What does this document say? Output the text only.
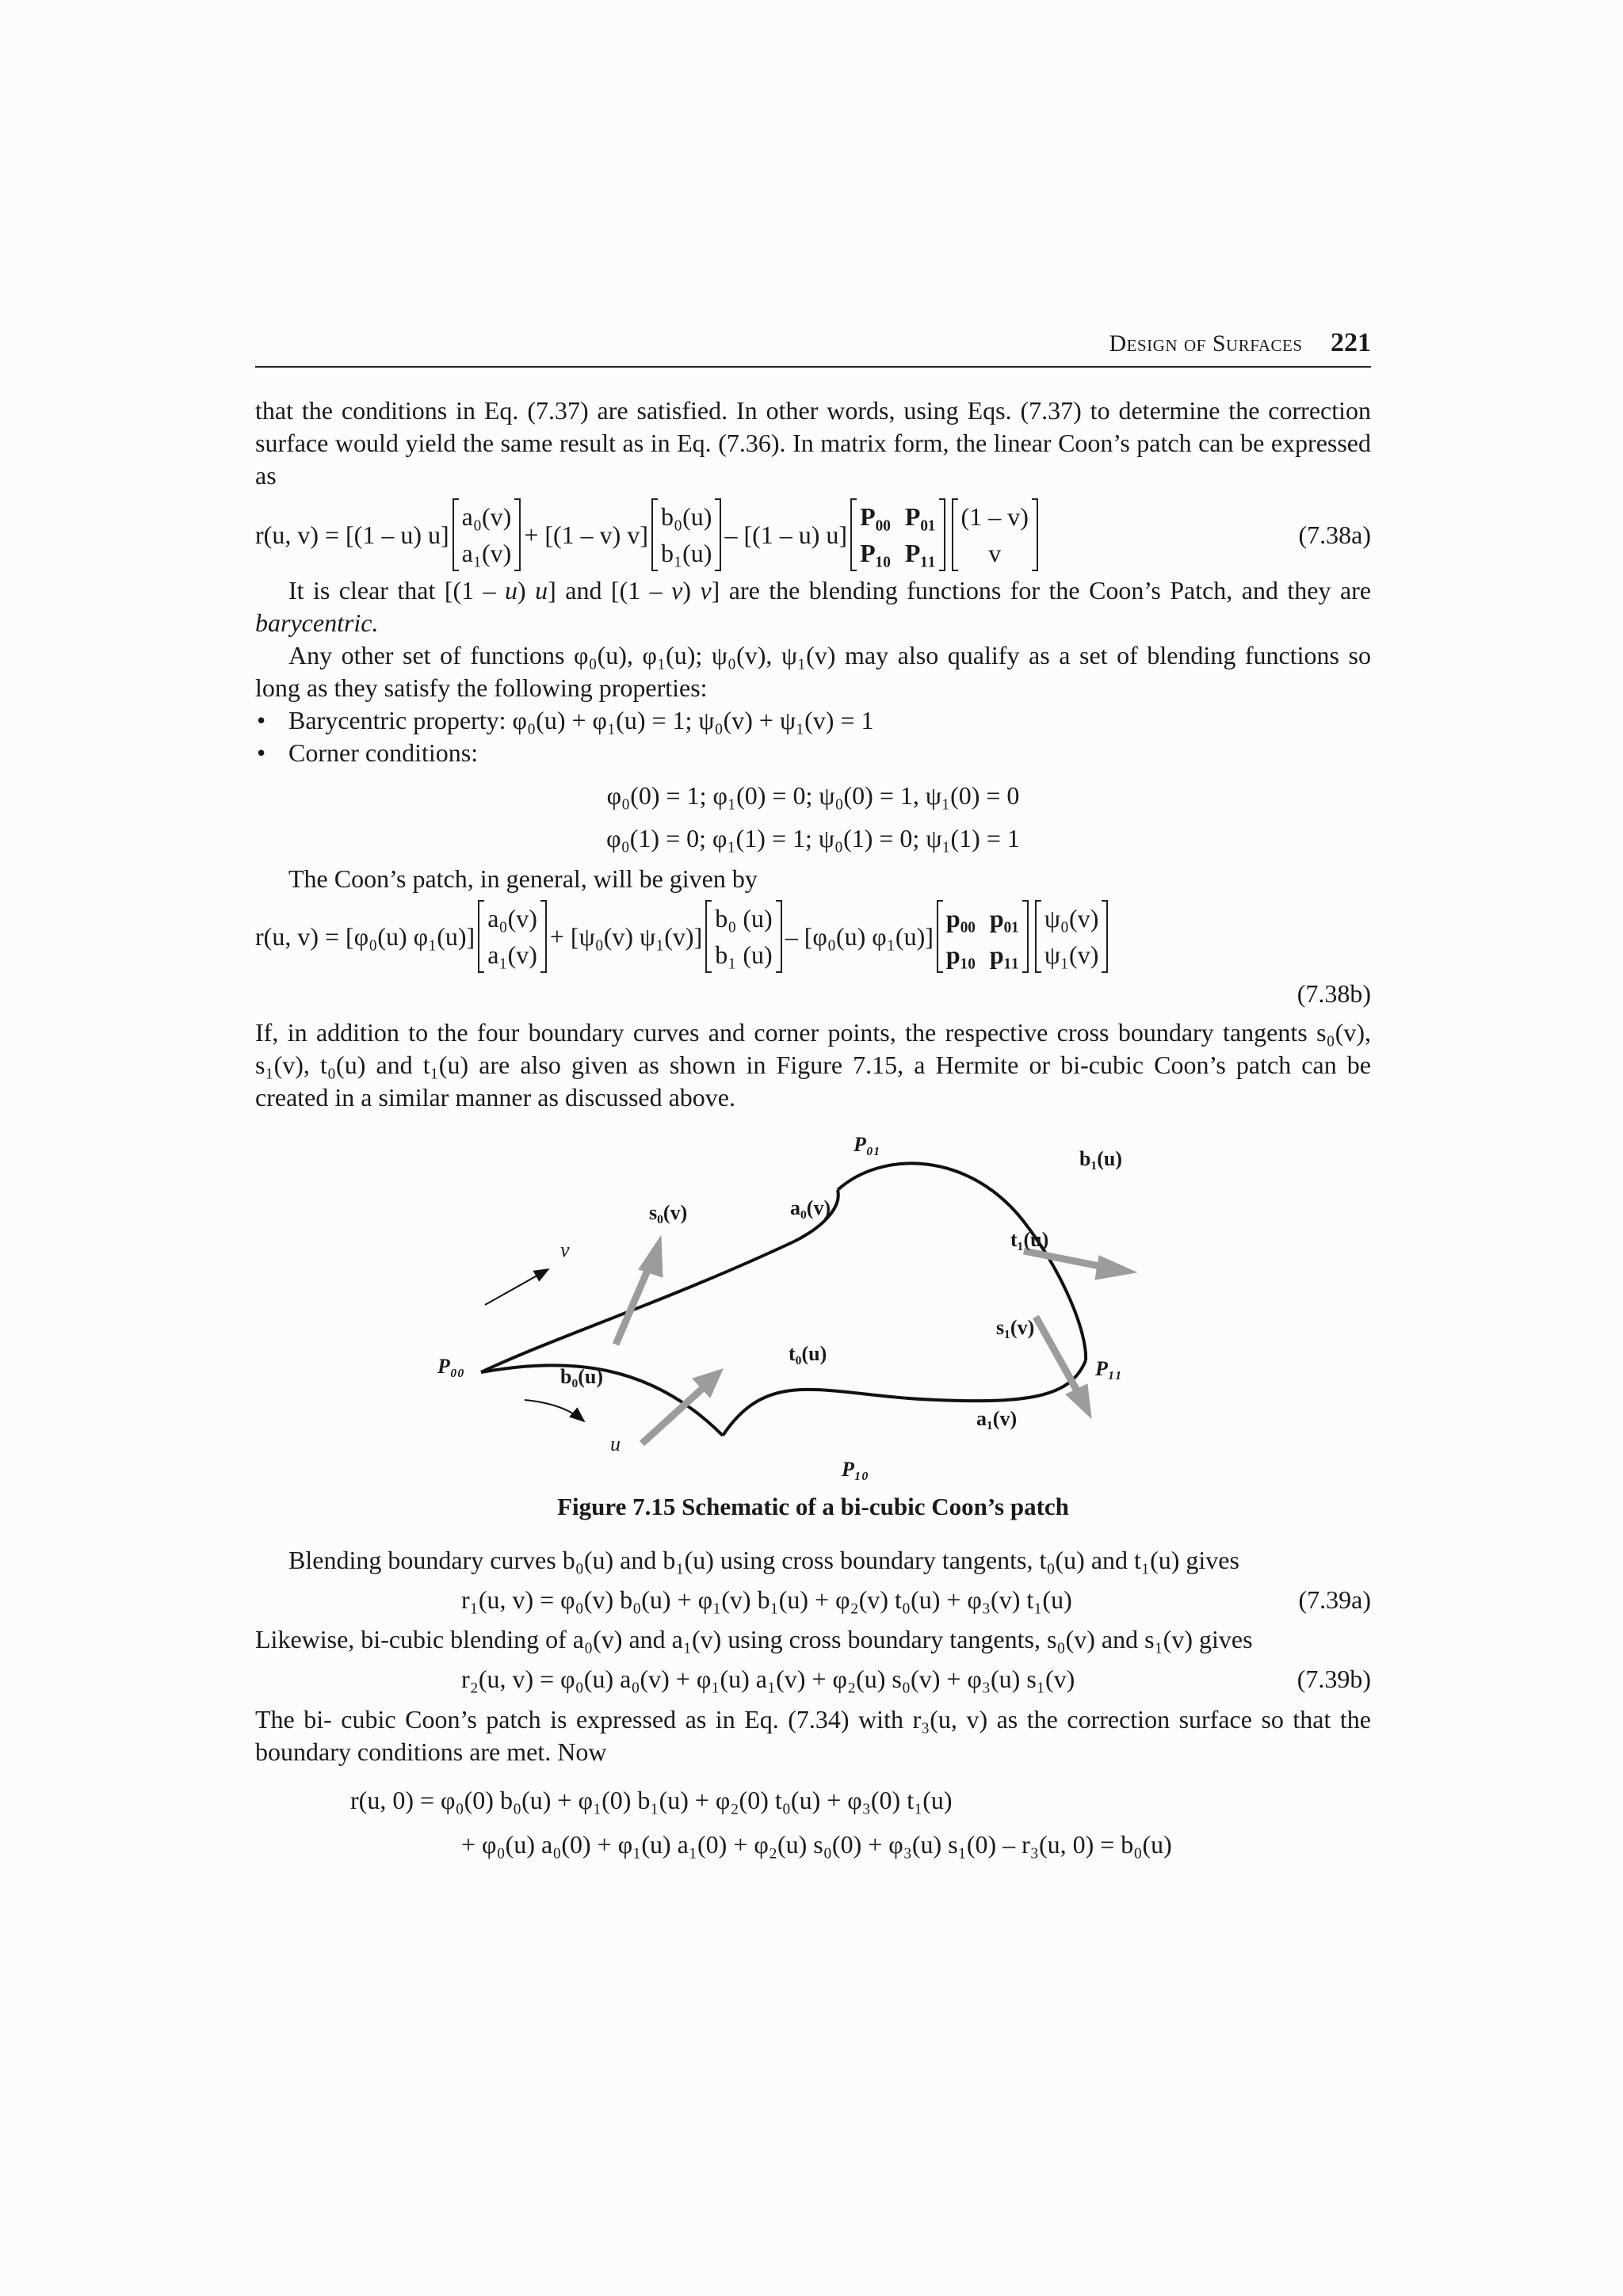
Design of Surfaces 221

that the conditions in Eq. (7.37) are satisfied. In other words, using Eqs. (7.37) to determine the correction surface would yield the same result as in Eq. (7.36). In matrix form, the linear Coon’s patch can be expressed as

r(u, v) = [(1 – u) u]
a₀(v)
a₁(v)
+ [(1 – v) v]
b₀(u)
b₁(u)
– [(1 – u) u]
P₀₀ P₀₁
P₁₀ P₁₁
(1 – v)
v
(7.38a)

It is clear that [(1 – u) u] and [(1 – v) v] are the blending functions for the Coon’s Patch, and they are barycentric.

Any other set of functions φ₀(u), φ₁(u); ψ₀(v), ψ₁(v) may also qualify as a set of blending functions so long as they satisfy the following properties:

• Barycentric property: φ₀(u) + φ₁(u) = 1; ψ₀(v) + ψ₁(v) = 1
• Corner conditions:

φ₀(0) = 1; φ₁(0) = 0; ψ₀(0) = 1, ψ₁(0) = 0

φ₀(1) = 0; φ₁(1) = 1; ψ₀(1) = 0; ψ₁(1) = 1

The Coon’s patch, in general, will be given by

r(u, v) = [φ₀(u) φ₁(u)]
a₀(v)
a₁(v)
+ [ψ₀(v) ψ₁(v)]
b₀ (u)
b₁ (u)
– [φ₀(u) φ₁(u)]
p₀₀ p₀₁
p₁₀ p₁₁
ψ₀(v)
ψ₁(v)
(7.38b)

If, in addition to the four boundary curves and corner points, the respective cross boundary tangents s₀(v), s₁(v), t₀(u) and t₁(u) are also given as shown in Figure 7.15, a Hermite or bi-cubic Coon’s patch can be created in a similar manner as discussed above.

P₀₁
b₁(u)
a₀(v)
s₀(v)
t₁(u)
v
s₁(v)
t₀(u)
P₀₀	b₀(u)	P₁₁
a₁(v)
u
P₁₀
Figure 7.15 Schematic of a bi-cubic Coon’s patch

Blending boundary curves b₀(u) and b₁(u) using cross boundary tangents, t₀(u) and t₁(u) gives

r₁(u, v) = φ₀(v) b₀(u) + φ₁(v) b₁(u) + φ₂(v) t₀(u) + φ₃(v) t₁(u)	(7.39a)

Likewise, bi-cubic blending of a₀(v) and a₁(v) using cross boundary tangents, s₀(v) and s₁(v) gives

r₂(u, v) = φ₀(u) a₀(v) + φ₁(u) a₁(v) + φ₂(u) s₀(v) + φ₃(u) s₁(v)	(7.39b)

The bi- cubic Coon’s patch is expressed as in Eq. (7.34) with r₃(u, v) as the correction surface so that the boundary conditions are met. Now

r(u, 0) = φ₀(0) b₀(u) + φ₁(0) b₁(u) + φ₂(0) t₀(u) + φ₃(0) t₁(u)

+ φ₀(u) a₀(0) + φ₁(u) a₁(0) + φ₂(u) s₀(0) + φ₃(u) s₁(0) – r₃(u, 0) = b₀(u)
